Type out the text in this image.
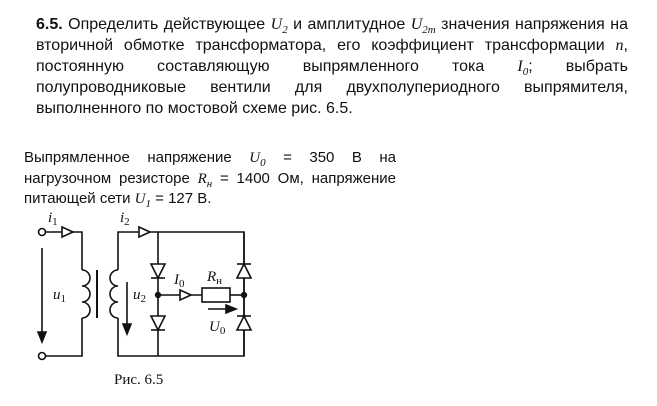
6.5. Определить действующее $U_2$ и амплитудное $U_{2m}$ значения напряжения на вторичной обмотке трансформатора, его коэффициент трансформации n, постоянную составляющую выпрямленного тока $I_0$; выбрать полупроводниковые вентили для двухполупериодного выпрямителя, выполненного по мостовой схеме рис. 6.5.
Выпрямленное напряжение $U_0 = 350$ В на нагрузочном резисторе $R_н = 1400$ Ом, напряжение питающей сети $U_1 = 127$ В.
$i_1$	$i_2$
$u_1$	$u_2$
$I_0$ $R_н$
$U_0$
Рис. 6.5
